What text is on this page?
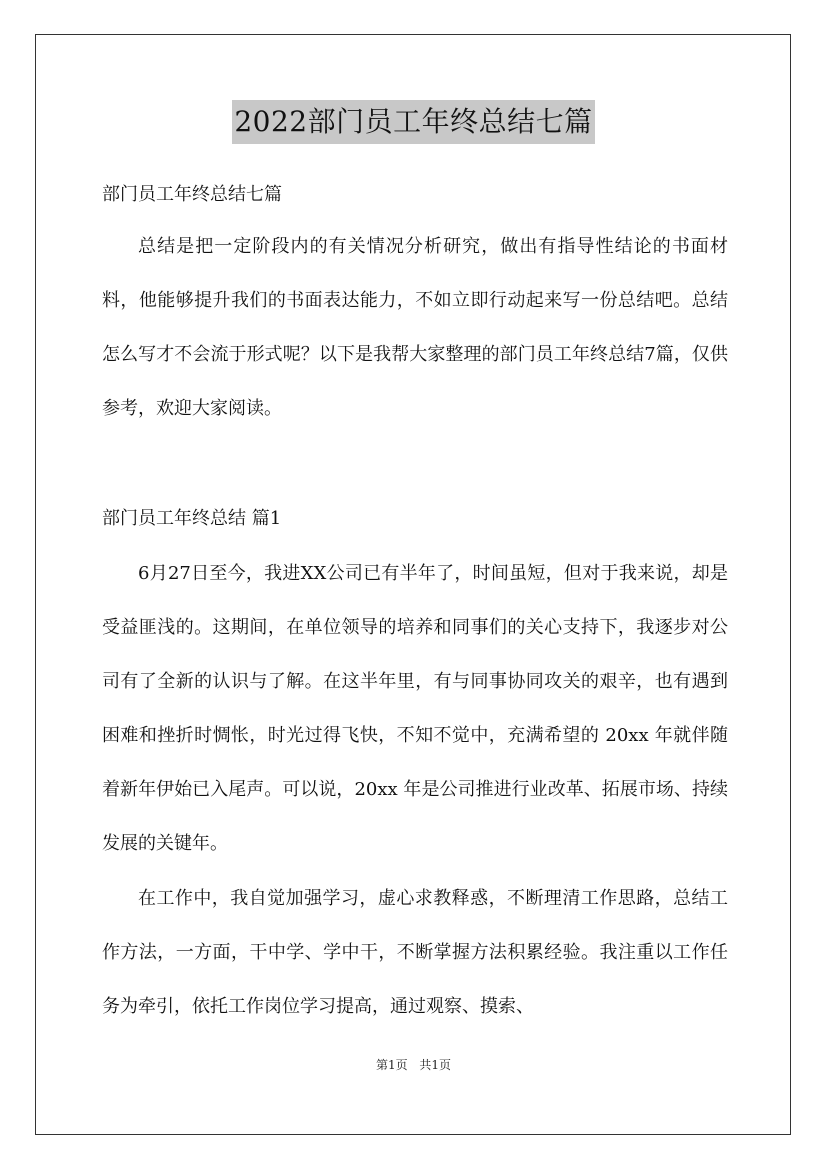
2022部门员工年终总结七篇
部门员工年终总结七篇

总结是把一定阶段内的有关情况分析研究，做出有指导性结论的书面材料，他能够提升我们的书面表达能力，不如立即行动起来写一份总结吧。总结怎么写才不会流于形式呢？以下是我帮大家整理的部门员工年终总结7篇，仅供参考，欢迎大家阅读。

部门员工年终总结 篇1

6月27日至今，我进XX公司已有半年了，时间虽短，但对于我来说，却是受益匪浅的。这期间，在单位领导的培养和同事们的关心支持下，我逐步对公司有了全新的认识与了解。在这半年里，有与同事协同攻关的艰辛，也有遇到困难和挫折时惆怅，时光过得飞快，不知不觉中，充满希望的 20xx 年就伴随着新年伊始已入尾声。可以说，20xx 年是公司推进行业改革、拓展市场、持续发展的关键年。

在工作中，我自觉加强学习，虚心求教释惑，不断理清工作思路，总结工作方法，一方面，干中学、学中干，不断掌握方法积累经验。我注重以工作任务为牵引，依托工作岗位学习提高，通过观察、摸索、

第1页 共1页
